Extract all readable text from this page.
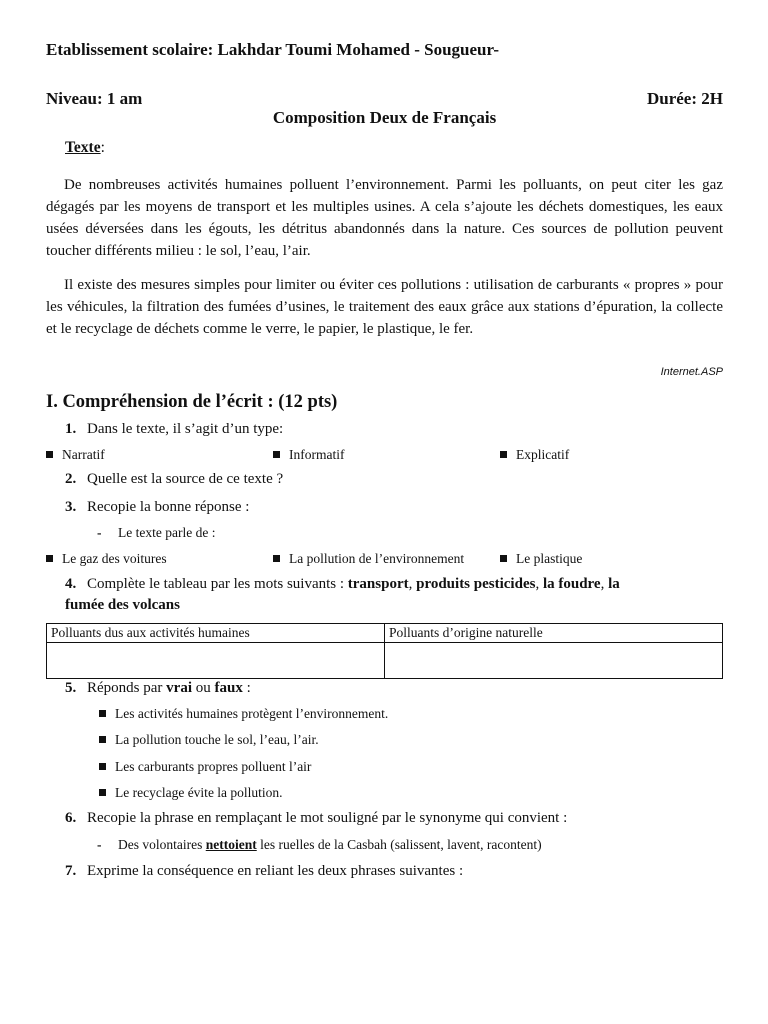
Etablissement scolaire: Lakhdar Toumi Mohamed - Sougueur-
Niveau: 1 am	Durée: 2H
Composition Deux de Français
Texte:
De nombreuses activités humaines polluent l’environnement. Parmi les polluants, on peut citer les gaz dégagés par les moyens de transport et les multiples usines. A cela s’ajoute les déchets domestiques, les eaux usées déversées dans les égouts, les détritus abandonnés dans la nature. Ces sources de pollution peuvent toucher différents milieu : le sol, l’eau, l’air.
Il existe des mesures simples pour limiter ou éviter ces pollutions : utilisation de carburants « propres » pour les véhicules, la filtration des fumées d’usines, le traitement des eaux grâce aux stations d’épuration, la collecte et le recyclage de déchets comme le verre, le papier, le plastique, le fer.
Internet.ASP
I. Compréhension de l’écrit : (12 pts)
1. Dans le texte, il s’agit d’un type:
Narratif	Informatif	Explicatif
2. Quelle est la source de ce texte ?
3. Recopie la bonne réponse :
- Le texte parle de :
Le gaz des voitures	La pollution de l’environnement	Le plastique
4. Complète le tableau par les mots suivants : transport, produits pesticides, la foudre, la
fumée des volcans
Polluants dus aux activités humaines	Polluants d’origine naturelle

5. Réponds par vrai ou faux :
Les activités humaines protègent l’environnement.
La pollution touche le sol, l’eau, l’air.
Les carburants propres polluent l’air
Le recyclage évite la pollution.
6. Recopie la phrase en remplaçant le mot souligné par le synonyme qui convient :
- Des volontaires nettoient les ruelles de la Casbah (salissent, lavent, racontent)
7. Exprime la conséquence en reliant les deux phrases suivantes :
